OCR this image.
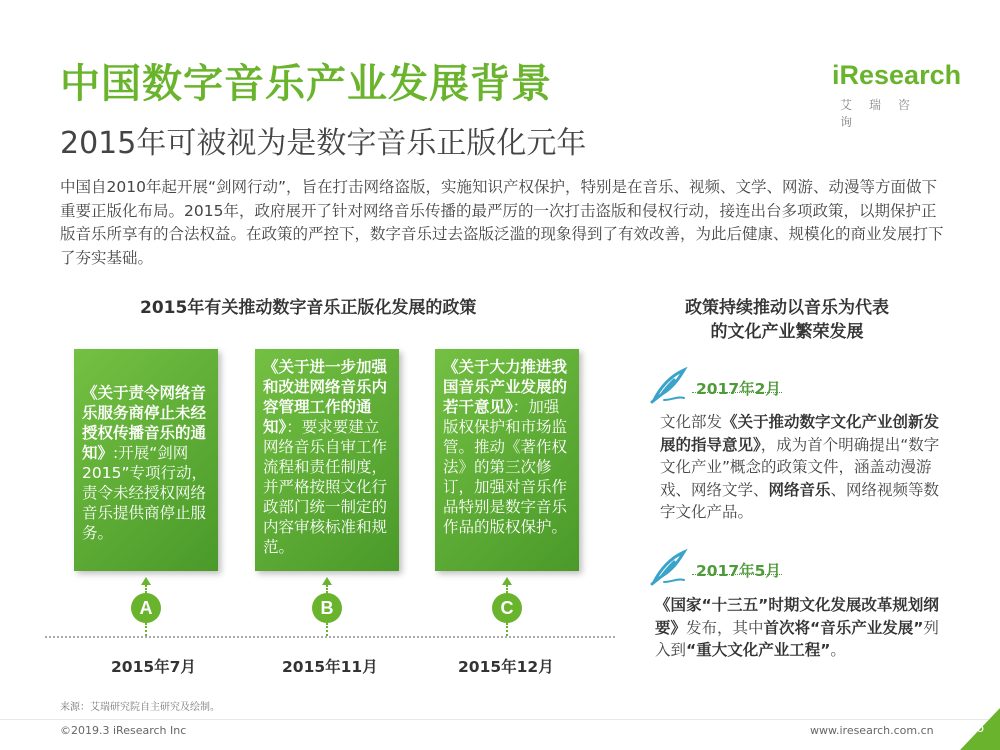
中国数字音乐产业发展背景
2015年可被视为是数字音乐正版化元年
iResearch
艾瑞咨询
中国自2010年起开展“剑网行动”，旨在打击网络盗版，实施知识产权保护，特别是在音乐、视频、文学、网游、动漫等方面做下重要正版化布局。2015年，政府展开了针对网络音乐传播的最严厉的一次打击盗版和侵权行动，接连出台多项政策，以期保护正版音乐所享有的合法权益。在政策的严控下，数字音乐过去盗版泛滥的现象得到了有效改善，为此后健康、规模化的商业发展打下了夯实基础。
2015年有关推动数字音乐正版化发展的政策
《关于责令网络音乐服务商停止未经授权传播音乐的通知》:开展“剑网2015”专项行动，责令未经授权网络音乐提供商停止服务。
《关于进一步加强和改进网络音乐内容管理工作的通知》：要求要建立网络音乐自审工作流程和责任制度，并严格按照文化行政部门统一制定的内容审核标准和规范。
《关于大力推进我国音乐产业发展的若干意见》：加强版权保护和市场监管。推动《著作权法》的第三次修订，加强对音乐作品特别是数字音乐作品的版权保护。
A	B	C
2015年7月	2015年11月	2015年12月
政策持续推动以音乐为代表
的文化产业繁荣发展
2017年2月
文化部发《关于推动数字文化产业创新发展的指导意见》，成为首个明确提出“数字文化产业”概念的政策文件，涵盖动漫游戏、网络文学、网络音乐、网络视频等数字文化产品。
2017年5月
《国家“十三五”时期文化发展改革规划纲要》发布，其中首次将“音乐产业发展”列入到“重大文化产业工程”。
来源：艾瑞研究院自主研究及绘制。
©2019.3 iResearch Inc	www.iresearch.com.cn	6
